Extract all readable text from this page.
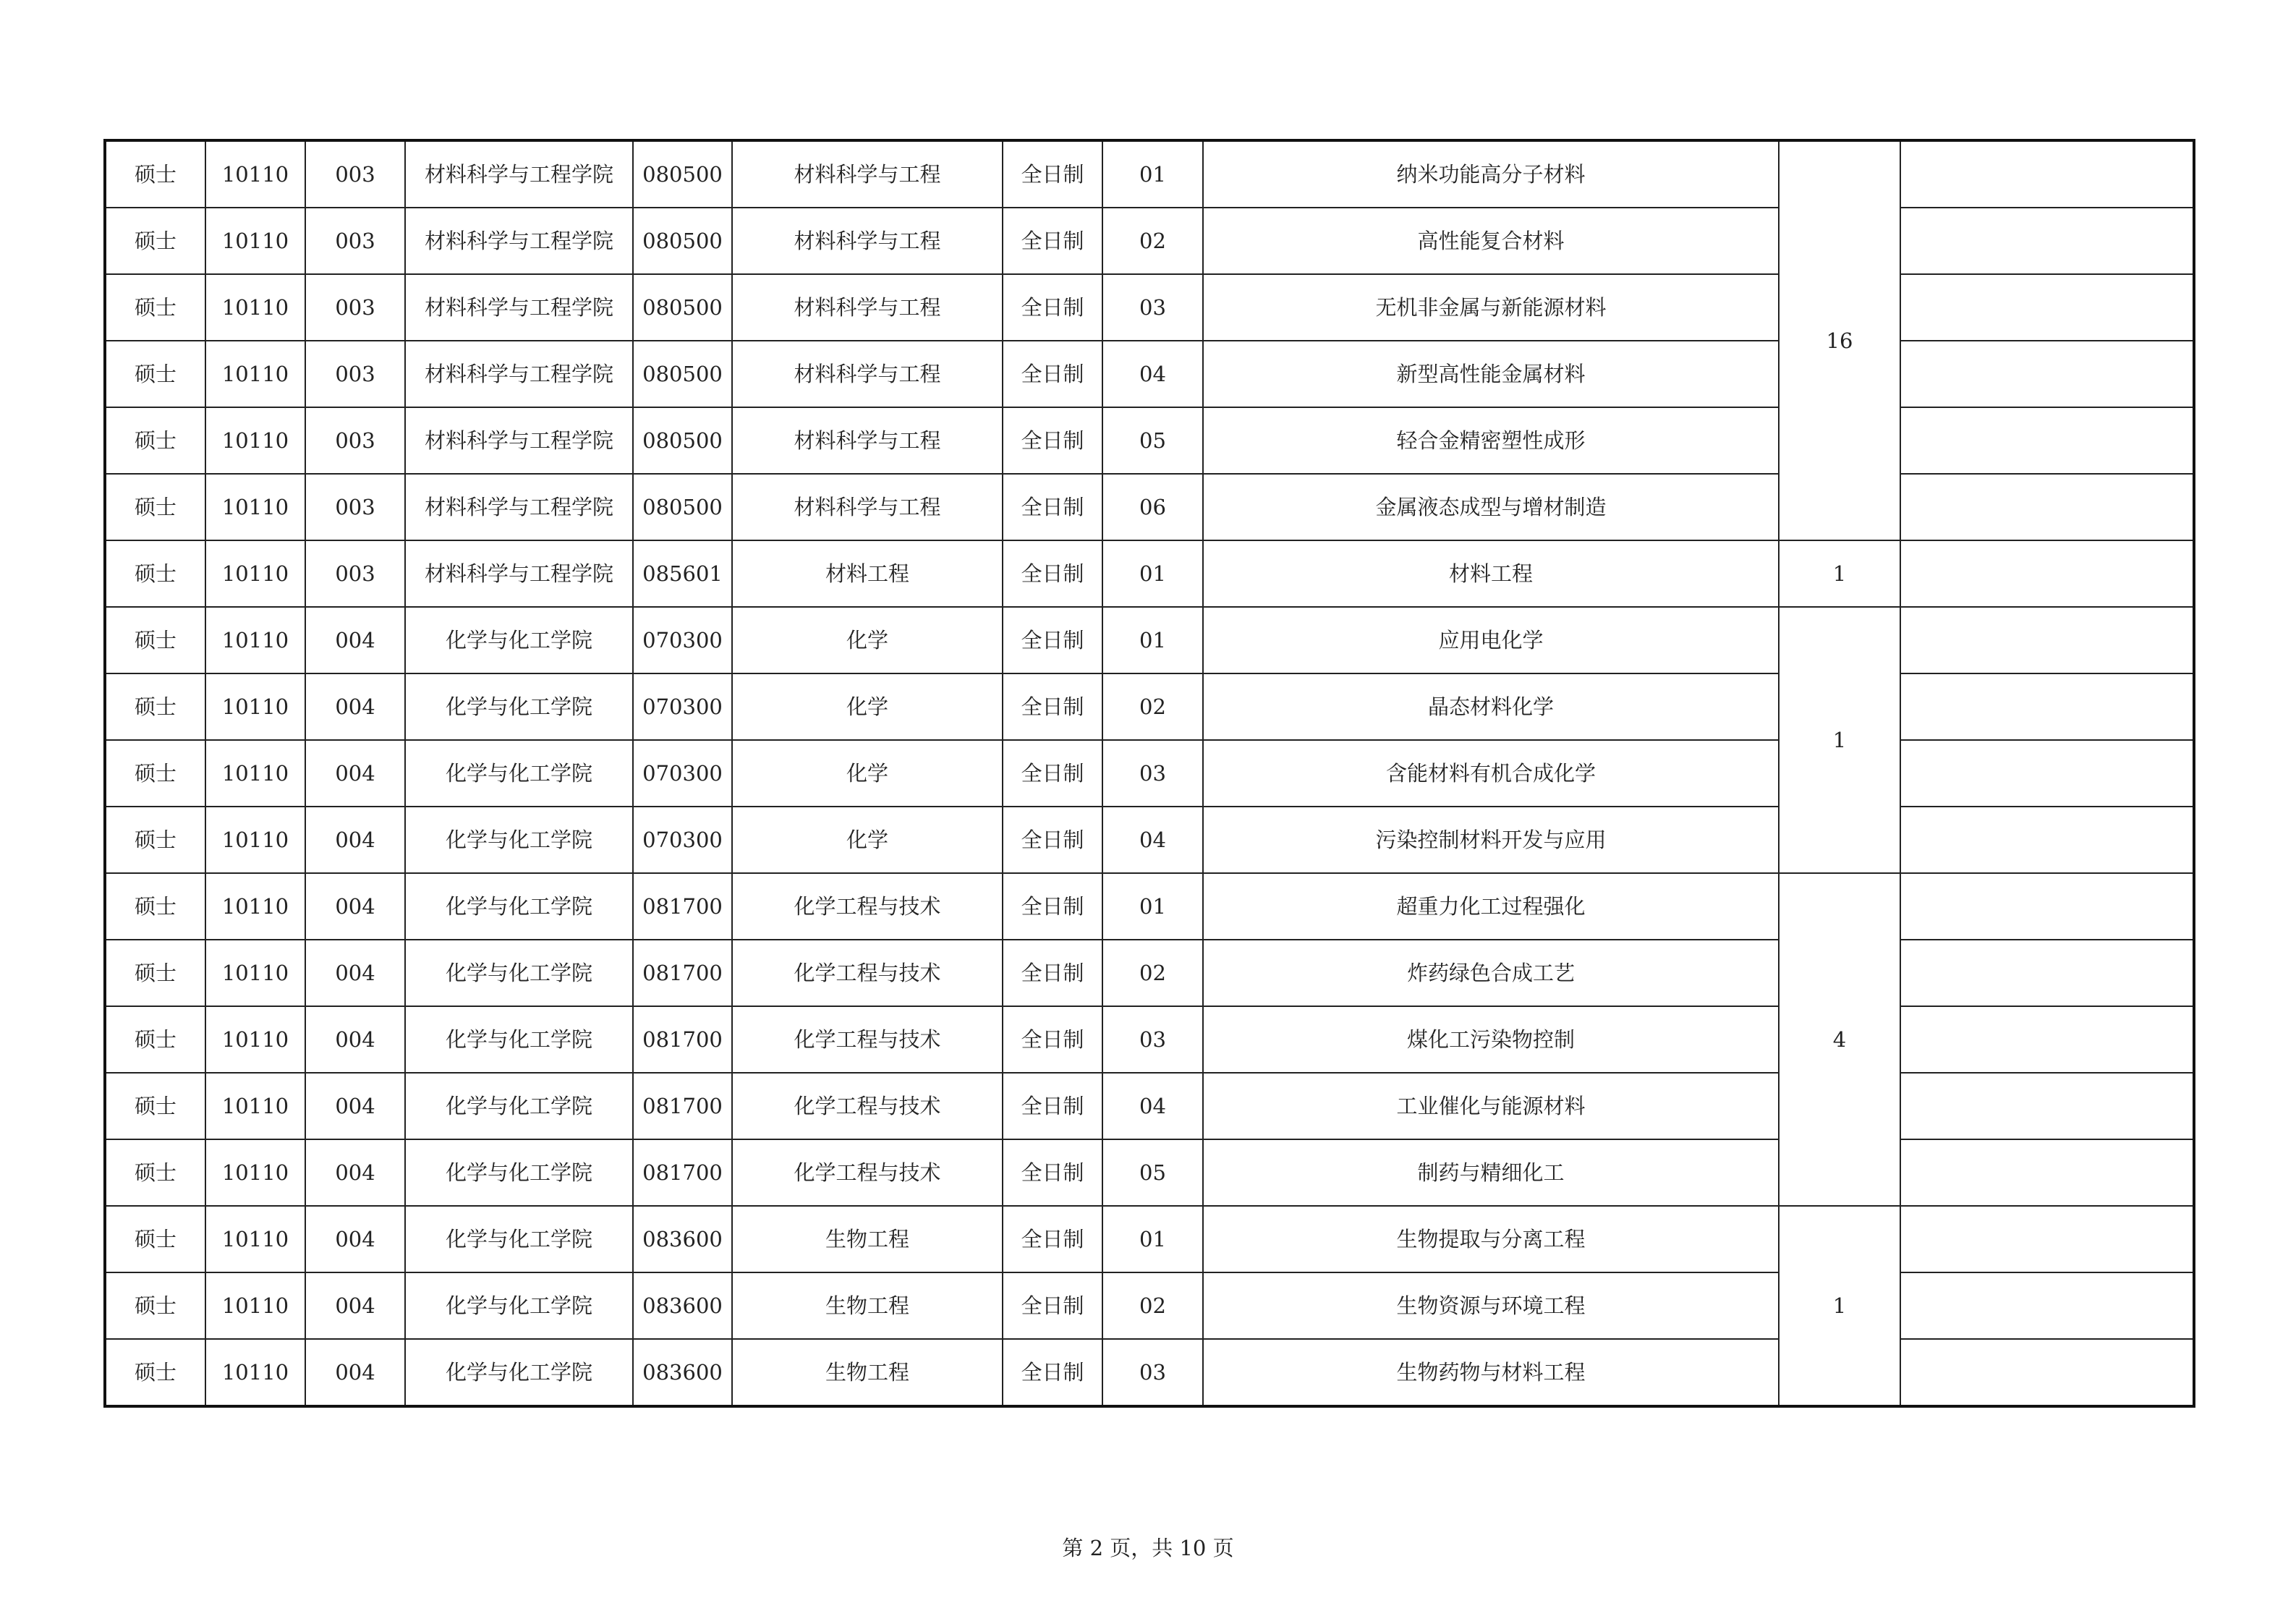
硕士	10110	003	材料科学与工程学院	080500	材料科学与工程	全日制	01	纳米功能高分子材料	16	
硕士	10110	003	材料科学与工程学院	080500	材料科学与工程	全日制	02	高性能复合材料		
硕士	10110	003	材料科学与工程学院	080500	材料科学与工程	全日制	03	无机非金属与新能源材料		
硕士	10110	003	材料科学与工程学院	080500	材料科学与工程	全日制	04	新型高性能金属材料		
硕士	10110	003	材料科学与工程学院	080500	材料科学与工程	全日制	05	轻合金精密塑性成形		
硕士	10110	003	材料科学与工程学院	080500	材料科学与工程	全日制	06	金属液态成型与增材制造		
硕士	10110	003	材料科学与工程学院	085601	材料工程	全日制	01	材料工程	1	
硕士	10110	004	化学与化工学院	070300	化学	全日制	01	应用电化学	1	
硕士	10110	004	化学与化工学院	070300	化学	全日制	02	晶态材料化学		
硕士	10110	004	化学与化工学院	070300	化学	全日制	03	含能材料有机合成化学		
硕士	10110	004	化学与化工学院	070300	化学	全日制	04	污染控制材料开发与应用		
硕士	10110	004	化学与化工学院	081700	化学工程与技术	全日制	01	超重力化工过程强化	4	
硕士	10110	004	化学与化工学院	081700	化学工程与技术	全日制	02	炸药绿色合成工艺		
硕士	10110	004	化学与化工学院	081700	化学工程与技术	全日制	03	煤化工污染物控制		
硕士	10110	004	化学与化工学院	081700	化学工程与技术	全日制	04	工业催化与能源材料		
硕士	10110	004	化学与化工学院	081700	化学工程与技术	全日制	05	制药与精细化工		
硕士	10110	004	化学与化工学院	083600	生物工程	全日制	01	生物提取与分离工程	1	
硕士	10110	004	化学与化工学院	083600	生物工程	全日制	02	生物资源与环境工程		
硕士	10110	004	化学与化工学院	083600	生物工程	全日制	03	生物药物与材料工程		
第 2 页，共 10 页
